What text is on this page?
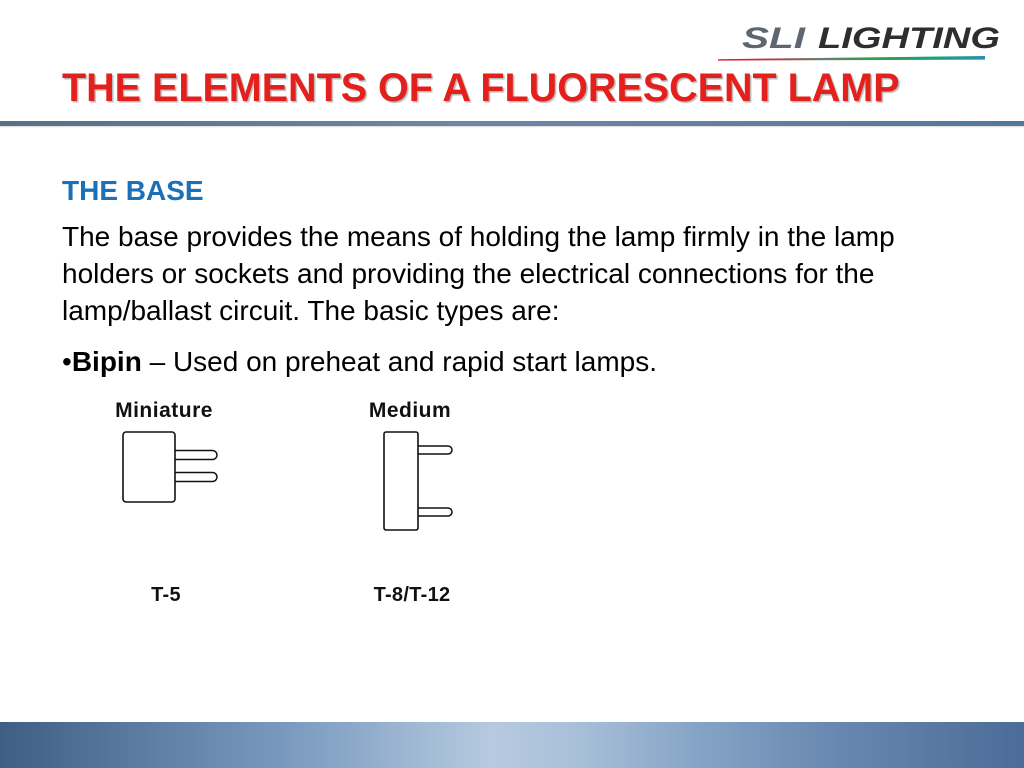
SLI LIGHTING
THE ELEMENTS OF A FLUORESCENT LAMP
THE BASE
The base provides the means of holding the lamp firmly in the lamp
holders or sockets and providing the electrical connections for the
lamp/ballast circuit. The basic types are:
•Bipin – Used on preheat and rapid start lamps.
Miniature	Medium
T-5	T-8/T-12
